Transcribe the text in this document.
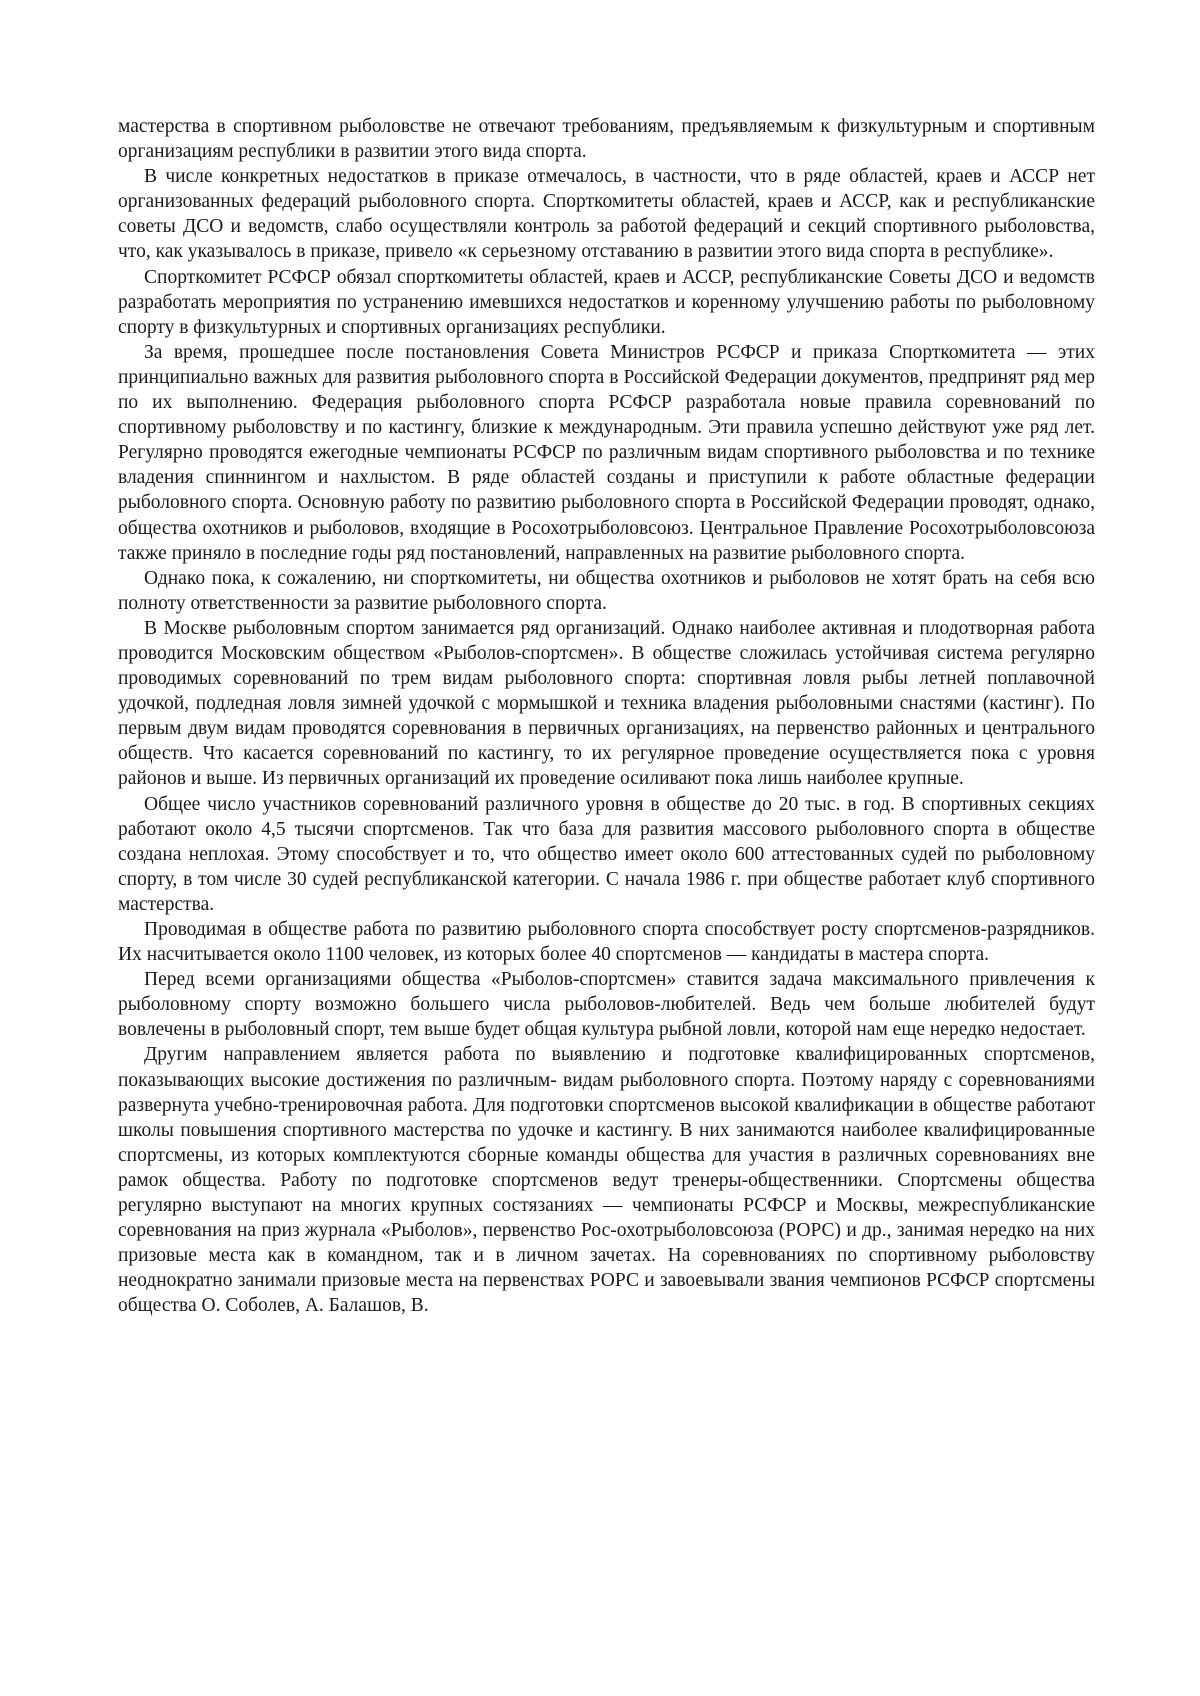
мастерства в спортивном рыболовстве не отвечают требованиям, предъявляемым к физкультурным и спортивным организациям республики в развитии этого вида спорта.

В числе конкретных недостатков в приказе отмечалось, в частности, что в ряде областей, краев и АССР нет организованных федераций рыболовного спорта. Спорткомитеты областей, краев и АССР, как и республиканские советы ДСО и ведомств, слабо осуществляли контроль за работой федераций и секций спортивного рыболовства, что, как указывалось в приказе, привело «к серьезному отставанию в развитии этого вида спорта в республике».

Спорткомитет РСФСР обязал спорткомитеты областей, краев и АССР, республиканские Советы ДСО и ведомств разработать мероприятия по устранению имевшихся недостатков и коренному улучшению работы по рыболовному спорту в физкультурных и спортивных организациях республики.

За время, прошедшее после постановления Совета Министров РСФСР и приказа Спорткомитета — этих принципиально важных для развития рыболовного спорта в Российской Федерации документов, предпринят ряд мер по их выполнению. Федерация рыболовного спорта РСФСР разработала новые правила соревнований по спортивному рыболовству и по кастингу, близкие к международным. Эти правила успешно действуют уже ряд лет. Регулярно проводятся ежегодные чемпионаты РСФСР по различным видам спортивного рыболовства и по технике владения спиннингом и нахлыстом. В ряде областей созданы и приступили к работе областные федерации рыболовного спорта. Основную работу по развитию рыболовного спорта в Российской Федерации проводят, однако, общества охотников и рыболовов, входящие в Росохотрыболовсоюз. Центральное Правление Росохотрыболовсоюза также приняло в последние годы ряд постановлений, направленных на развитие рыболовного спорта.

Однако пока, к сожалению, ни спорткомитеты, ни общества охотников и рыболовов не хотят брать на себя всю полноту ответственности за развитие рыболовного спорта.

В Москве рыболовным спортом занимается ряд организаций. Однако наиболее активная и плодотворная работа проводится Московским обществом «Рыболов-спортсмен». В обществе сложилась устойчивая система регулярно проводимых соревнований по трем видам рыболовного спорта: спортивная ловля рыбы летней поплавочной удочкой, подледная ловля зимней удочкой с мормышкой и техника владения рыболовными снастями (кастинг). По первым двум видам проводятся соревнования в первичных организациях, на первенство районных и центрального обществ. Что касается соревнований по кастингу, то их регулярное проведение осуществляется пока с уровня районов и выше. Из первичных организаций их проведение осиливают пока лишь наиболее крупные.

Общее число участников соревнований различного уровня в обществе до 20 тыс. в год. В спортивных секциях работают около 4,5 тысячи спортсменов. Так что база для развития массового рыболовного спорта в обществе создана неплохая. Этому способствует и то, что общество имеет около 600 аттестованных судей по рыболовному спорту, в том числе 30 судей республиканской категории. С начала 1986 г. при обществе работает клуб спортивного мастерства.

Проводимая в обществе работа по развитию рыболовного спорта способствует росту спортсменов-разрядников. Их насчитывается около 1100 человек, из которых более 40 спортсменов — кандидаты в мастера спорта.

Перед всеми организациями общества «Рыболов-спортсмен» ставится задача максимального привлечения к рыболовному спорту возможно большего числа рыболовов-любителей. Ведь чем больше любителей будут вовлечены в рыболовный спорт, тем выше будет общая культура рыбной ловли, которой нам еще нередко недостает.

Другим направлением является работа по выявлению и подготовке квалифицированных спортсменов, показывающих высокие достижения по различным- видам рыболовного спорта. Поэтому наряду с соревнованиями развернута учебно-тренировочная работа. Для подготовки спортсменов высокой квалификации в обществе работают школы повышения спортивного мастерства по удочке и кастингу. В них занимаются наиболее квалифицированные спортсмены, из которых комплектуются сборные команды общества для участия в различных соревнованиях вне рамок общества. Работу по подготовке спортсменов ведут тренеры-общественники. Спортсмены общества регулярно выступают на многих крупных состязаниях — чемпионаты РСФСР и Москвы, межреспубликанские соревнования на приз журнала «Рыболов», первенство Рос-охотрыболовсоюза (РОРС) и др., занимая нередко на них призовые места как в командном, так и в личном зачетах. На соревнованиях по спортивному рыболовству неоднократно занимали призовые места на первенствах РОРС и завоевывали звания чемпионов РСФСР спортсмены общества О. Соболев, А. Балашов, В.
